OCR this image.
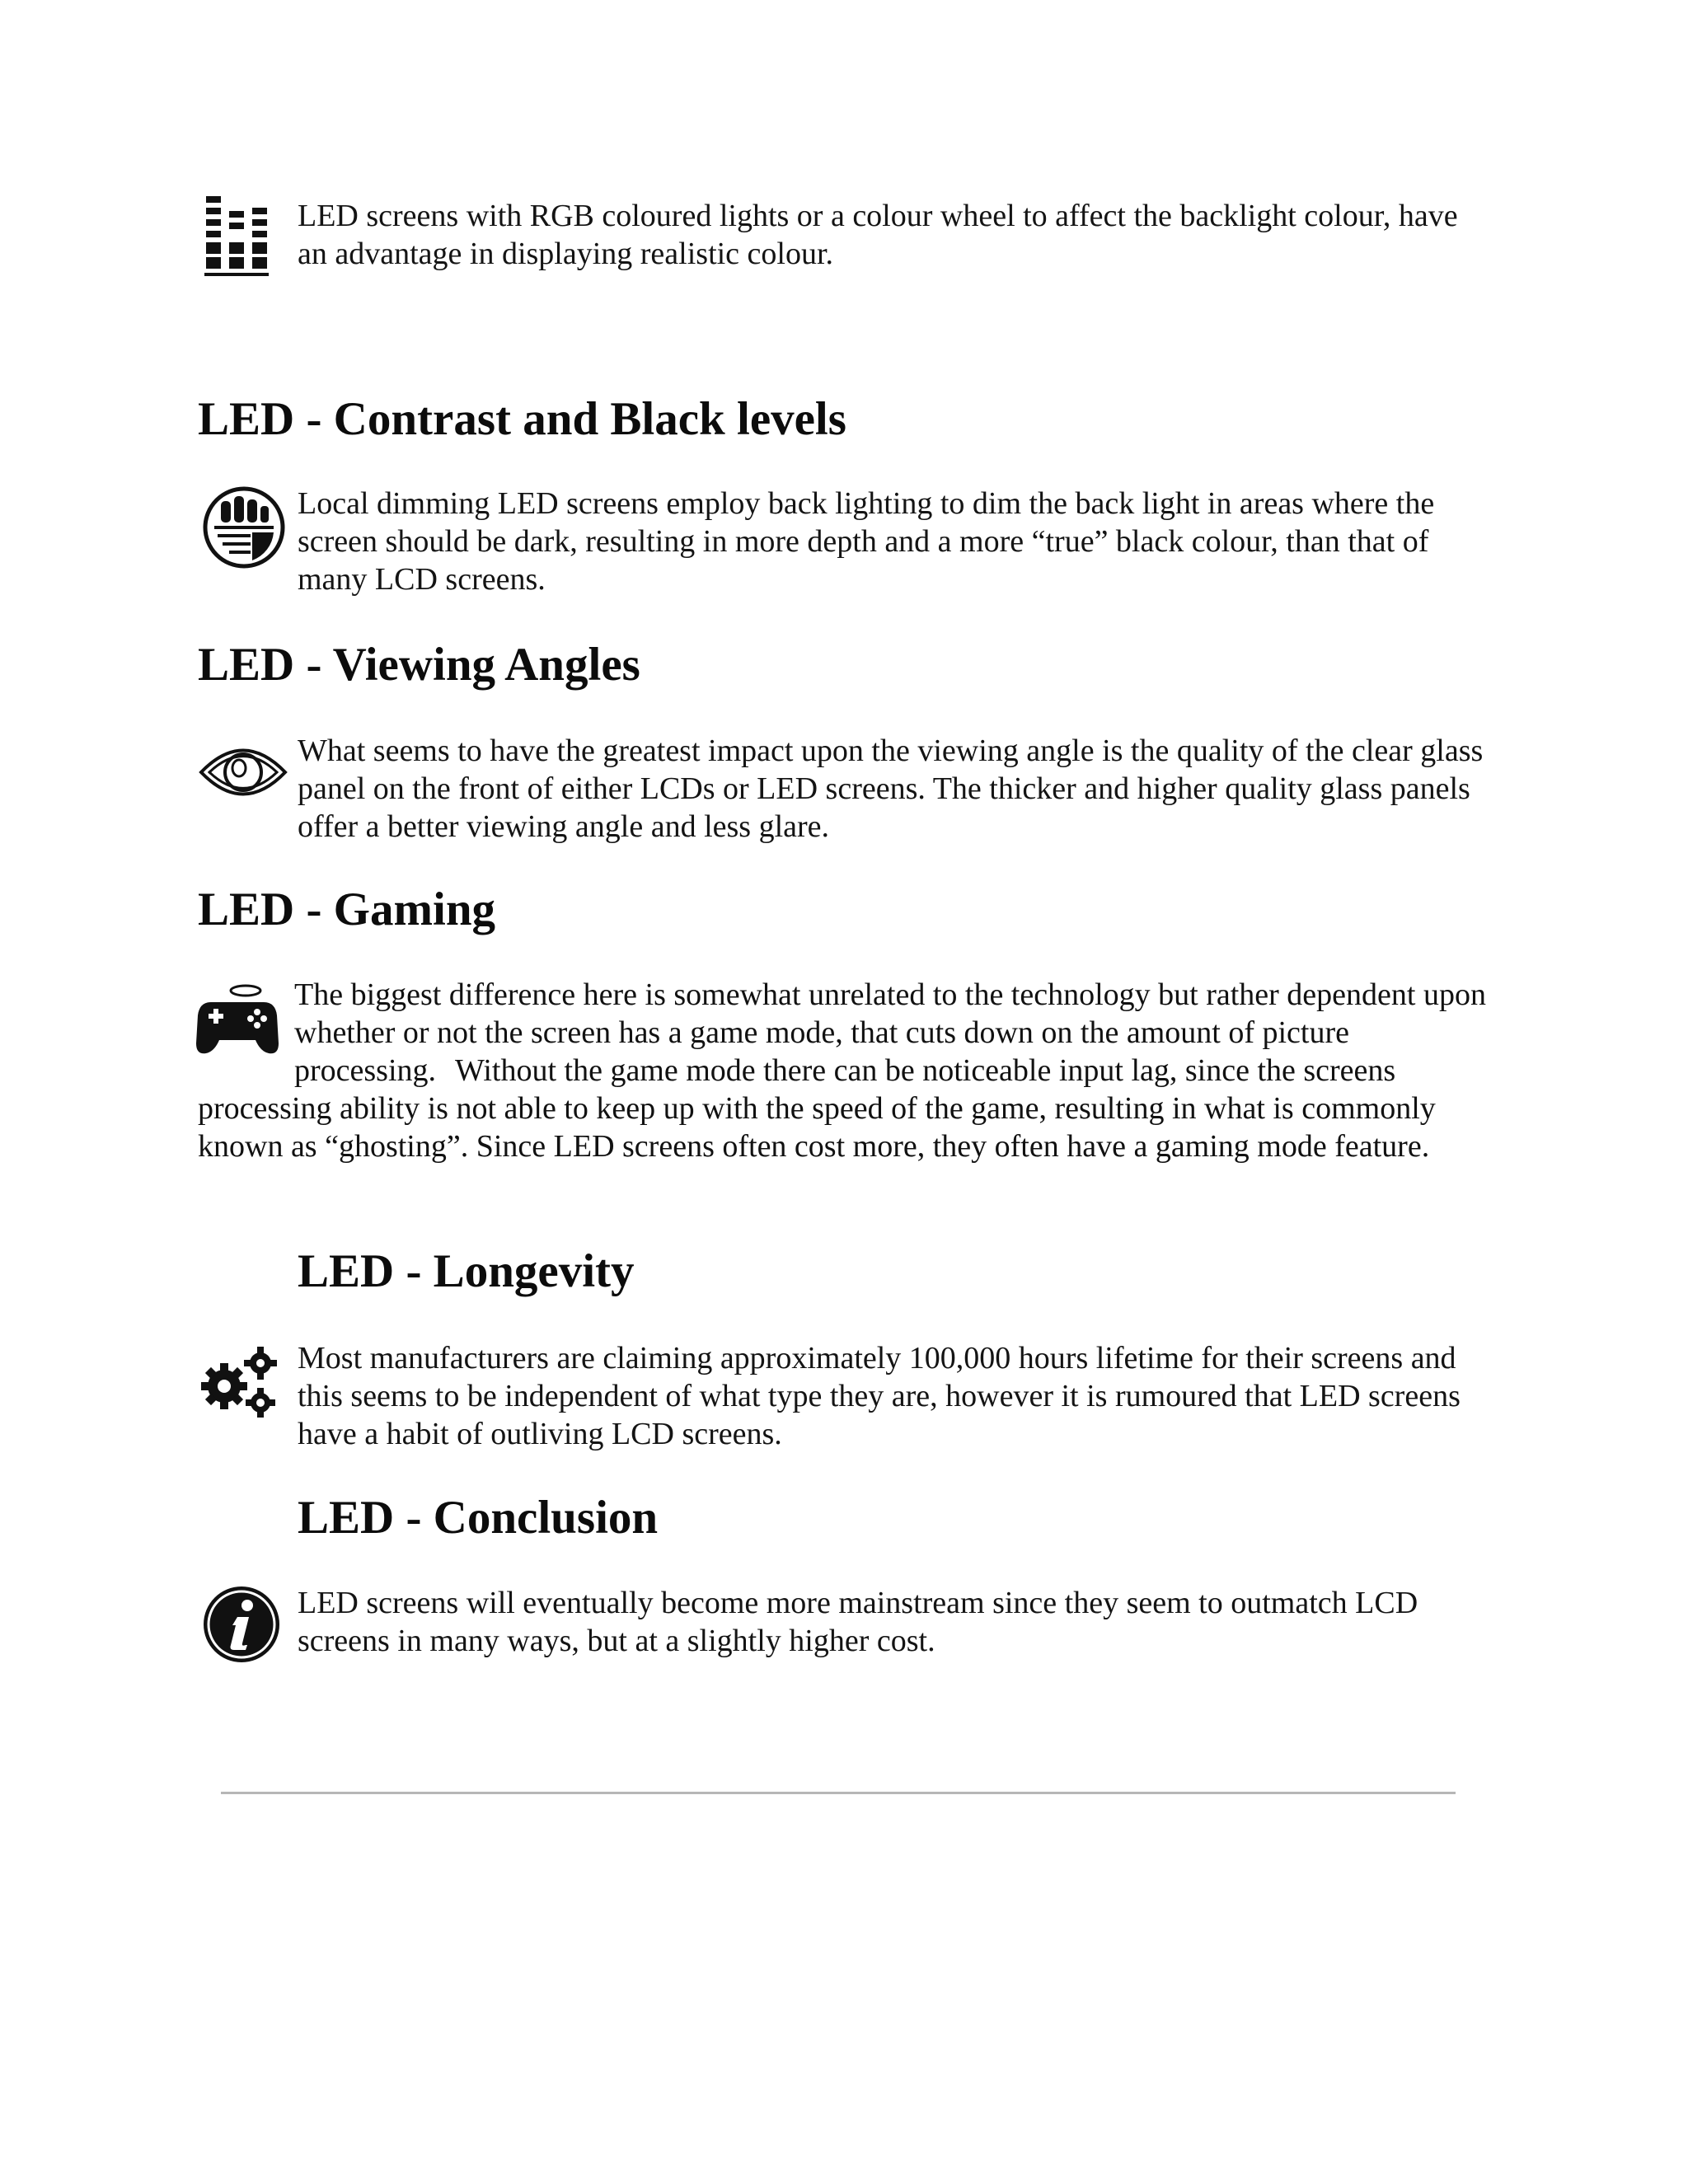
LED screens with RGB coloured lights or a colour wheel to affect the backlight colour, have an advantage in displaying realistic colour.

LED - Contrast and Black levels

Local dimming LED screens employ back lighting to dim the back light in areas where the screen should be dark, resulting in more depth and a more “true” black colour, than that of many LCD screens.

LED - Viewing Angles

What seems to have the greatest impact upon the viewing angle is the quality of the clear glass panel on the front of either LCDs or LED screens. The thicker and higher quality glass panels offer a better viewing angle and less glare.

LED - Gaming

The biggest difference here is somewhat unrelated to the technology but rather dependent upon whether or not the screen has a game mode, that cuts down on the amount of picture processing. Without the game mode there can be noticeable input lag, since the screens processing ability is not able to keep up with the speed of the game, resulting in what is commonly known as “ghosting”. Since LED screens often cost more, they often have a gaming mode feature.

LED - Longevity

Most manufacturers are claiming approximately 100,000 hours lifetime for their screens and this seems to be independent of what type they are, however it is rumoured that LED screens have a habit of outliving LCD screens.

LED - Conclusion

LED screens will eventually become more mainstream since they seem to outmatch LCD screens in many ways, but at a slightly higher cost.
